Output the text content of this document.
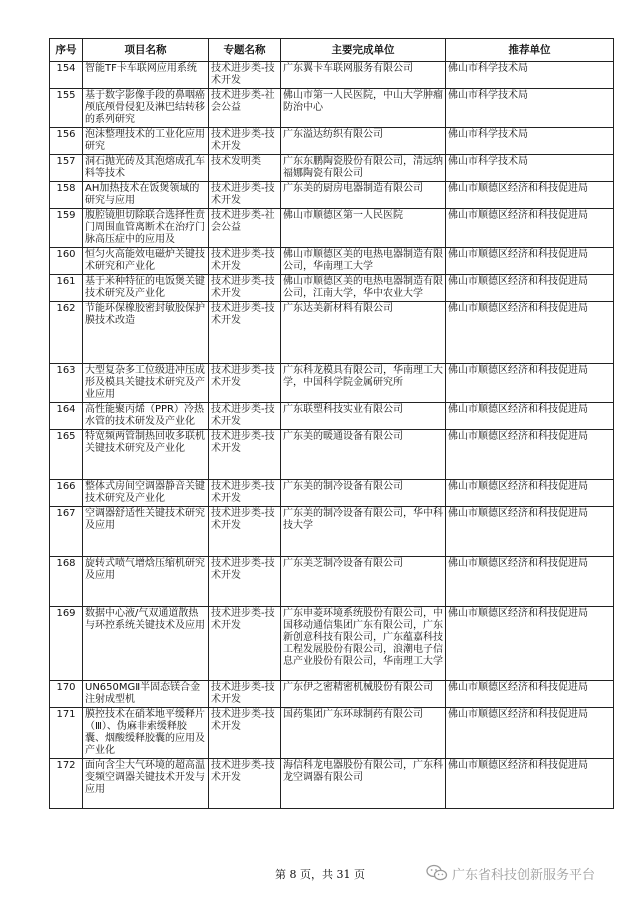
序号	项目名称	专题名称	主要完成单位	推荐单位
154	智能TF卡车联网应用系统	技术进步类-技术开发	广东翼卡车联网服务有限公司	佛山市科学技术局
155	基于数字影像手段的鼻咽癌颅底颅骨侵犯及淋巴结转移的系列研究	技术进步类-社会公益	佛山市第一人民医院，中山大学肿瘤防治中心	佛山市科学技术局
156	泡沫整理技术的工业化应用研究	技术进步类-技术开发	广东溢达纺织有限公司	佛山市科学技术局
157	洞石抛光砖及其泡熔成孔车料等技术	技术发明类	广东东鹏陶瓷股份有限公司，清远纳福娜陶瓷有限公司	佛山市科学技术局
158	AH加热技术在饭煲领域的研究与应用	技术进步类-技术开发	广东美的厨房电器制造有限公司	佛山市顺德区经济和科技促进局
159	腹腔镜胆切除联合选择性贲门周围血管离断术在治疗门脉高压症中的应用及	技术进步类-社会公益	佛山市顺德区第一人民医院	佛山市顺德区经济和科技促进局
160	恒匀火高能效电磁炉关键技术研究和产业化	技术进步类-技术开发	佛山市顺德区美的电热电器制造有限公司，华南理工大学	佛山市顺德区经济和科技促进局
161	基于米种特征的电饭煲关键技术研究及产业化	技术进步类-技术开发	佛山市顺德区美的电热电器制造有限公司，江南大学，华中农业大学	佛山市顺德区经济和科技促进局
162	节能环保橡胶密封敏胶保护膜技术改造	技术进步类-技术开发	广东达美新材料有限公司	佛山市顺德区经济和科技促进局
163	大型复杂多工位级进冲压成形及模具关键技术研究及产业应用	技术进步类-技术开发	广东科龙模具有限公司，华南理工大学，中国科学院金属研究所	佛山市顺德区经济和科技促进局
164	高性能聚丙烯（PPR）冷热水管的技术研发及产业化	技术进步类-技术开发	广东联塑科技实业有限公司	佛山市顺德区经济和科技促进局
165	特宽频两管制热回收多联机关键技术研究及产业化	技术进步类-技术开发	广东美的暖通设备有限公司	佛山市顺德区经济和科技促进局
166	整体式房间空调器静音关键技术研究及产业化	技术进步类-技术开发	广东美的制冷设备有限公司	佛山市顺德区经济和科技促进局
167	空调器舒适性关键技术研究及应用	技术进步类-技术开发	广东美的制冷设备有限公司，华中科技大学	佛山市顺德区经济和科技促进局
168	旋转式喷气增焓压缩机研究及应用	技术进步类-技术开发	广东美芝制冷设备有限公司	佛山市顺德区经济和科技促进局
169	数据中心液/气双通道散热与环控系统关键技术及应用	技术进步类-技术开发	广东申菱环境系统股份有限公司，中国移动通信集团广东有限公司，广东新创意科技有限公司，广东蕴嘉科技工程发展股份有限公司，浪潮电子信息产业股份有限公司，华南理工大学	佛山市顺德区经济和科技促进局
170	UN650MGⅡ半固态镁合金注射成型机	技术进步类-技术开发	广东伊之密精密机械股份有限公司	佛山市顺德区经济和科技促进局
171	膜控技术在硝苯地平缓释片（Ⅲ）、伪麻非索缓释胶囊、烟酸缓释胶囊的应用及产业化	技术进步类-技术开发	国药集团广东环球制药有限公司	佛山市顺德区经济和科技促进局
172	面向含尘大气环境的超高温变频空调器关键技术开发与应用	技术进步类-技术开发	海信科龙电器股份有限公司，广东科龙空调器有限公司	佛山市顺德区经济和科技促进局
第 8 页，共 31 页	广东省科技创新服务平台
